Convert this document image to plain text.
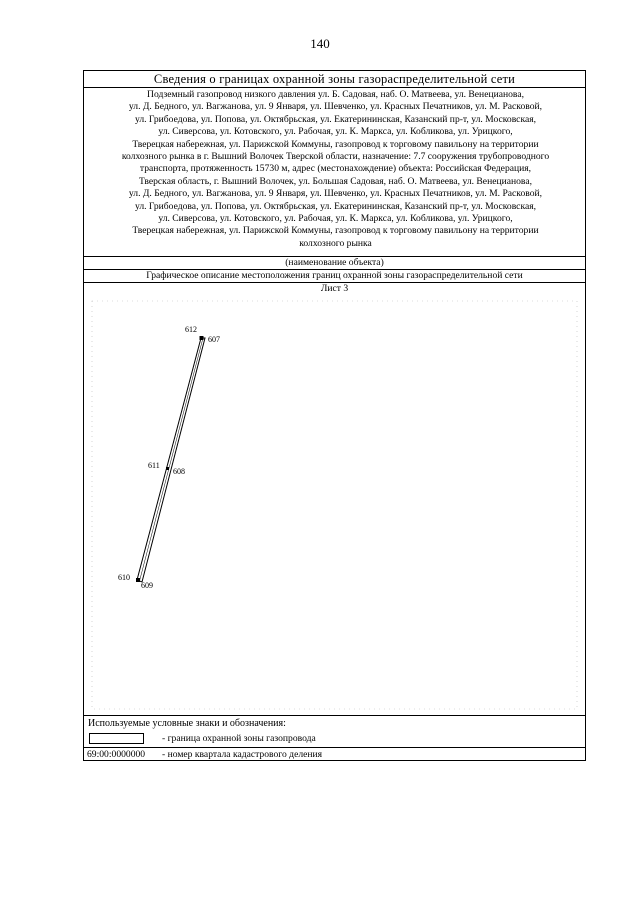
140
Сведения о границах охранной зоны газораспределительной сети

Подземный газопровод низкого давления ул. Б. Садовая, наб. О. Матвеева, ул. Венецианова,

ул. Д. Бедного, ул. Вагжанова, ул. 9 Января, ул. Шевченко, ул. Красных Печатников, ул. М. Расковой,

ул. Грибоедова, ул. Попова, ул. Октябрьская, ул. Екатерининская, Казанский пр-т, ул. Московская,

ул. Сиверсова, ул. Котовского, ул. Рабочая, ул. К. Маркса, ул. Кобликова, ул. Урицкого,

Тверецкая набережная, ул. Парижской Коммуны, газопровод к торговому павильону на территории

колхозного рынка в г. Вышний Волочек Тверской области, назначение: 7.7 сооружения трубопроводного

транспорта, протяженность 15730 м, адрес (местонахождение) объекта: Российская Федерация,

Тверская область, г. Вышний Волочек, ул. Большая Садовая, наб. О. Матвеева, ул. Венецианова,

ул. Д. Бедного, ул. Вагжанова, ул. 9 Января, ул. Шевченко, ул. Красных Печатников, ул. М. Расковой,

ул. Грибоедова, ул. Попова, ул. Октябрьская, ул. Екатерининская, Казанский пр-т, ул. Московская,

ул. Сиверсова, ул. Котовского, ул. Рабочая, ул. К. Маркса, ул. Кобликова, ул. Урицкого,

Тверецкая набережная, ул. Парижской Коммуны, газопровод к торговому павильону на территории

колхозного рынка

(наименование объекта)
Графическое описание местоположения границ охранной зоны газораспределительной сети
Лист 3
612
607
611
608
610
609
Используемые условные знаки и обозначения:
- граница охранной зоны газопровода
69:00:0000000 - номер квартала кадастрового деления
